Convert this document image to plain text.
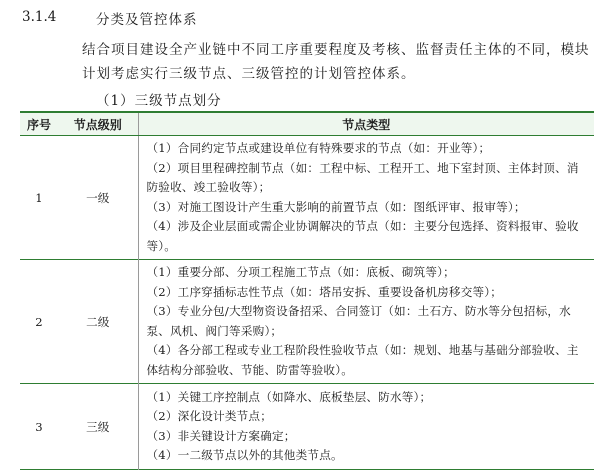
3.1.4	分类及管控体系
结合项目建设全产业链中不同工序重要程度及考核、监督责任主体的不同，模块计划考虑实行三级节点、三级管控的计划管控体系。
（1）三级节点划分
序号	节点级别	节点类型
1	一级	（1）合同约定节点或建设单位有特殊要求的节点（如：开业等）；

（2）项目里程碑控制节点（如：工程中标、工程开工、地下室封顶、主体封顶、消防验收、竣工验收等）；

（3）对施工图设计产生重大影响的前置节点（如：图纸评审、报审等）；

（4）涉及企业层面或需企业协调解决的节点（如：主要分包选择、资料报审、验收等）。

2	二级	（1）重要分部、分项工程施工节点（如：底板、砌筑等）；

（2）工序穿插标志性节点（如：塔吊安拆、重要设备机房移交等）；

（3）专业分包/大型物资设备招采、合同签订（如：土石方、防水等分包招标，水泵、风机、阀门等采购）；

（4）各分部工程或专业工程阶段性验收节点（如：规划、地基与基础分部验收、主体结构分部验收、节能、防雷等验收）。

3	三级	（1）关键工序控制点（如降水、底板垫层、防水等）；

（2）深化设计类节点；

（3）非关键设计方案确定；

（4）一二级节点以外的其他类节点。
